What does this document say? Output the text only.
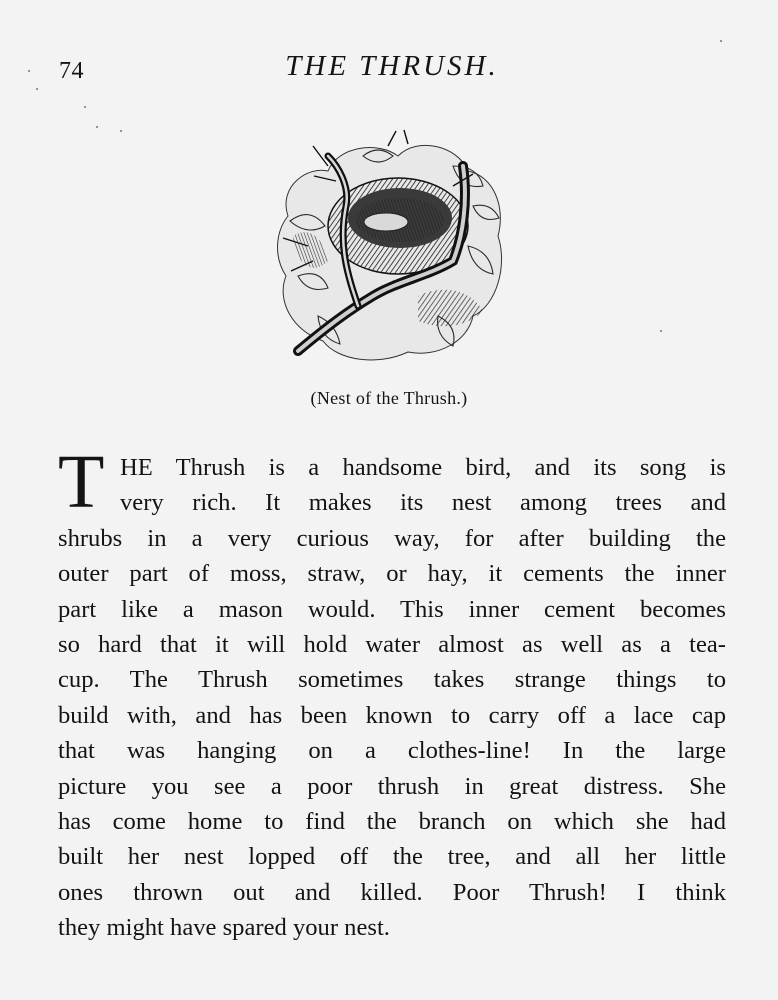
74	THE THRUSH.
(Nest of the Thrush.)
T HE Thrush is a handsome bird, and its song is
very rich. It makes its nest among trees and
shrubs in a very curious way, for after building the
outer part of moss, straw, or hay, it cements the inner
part like a mason would. This inner cement becomes
so hard that it will hold water almost as well as a tea-
cup. The Thrush sometimes takes strange things to
build with, and has been known to carry off a lace cap
that was hanging on a clothes-line! In the large
picture you see a poor thrush in great distress. She
has come home to find the branch on which she had
built her nest lopped off the tree, and all her little
ones thrown out and killed. Poor Thrush! I think
they might have spared your nest.
